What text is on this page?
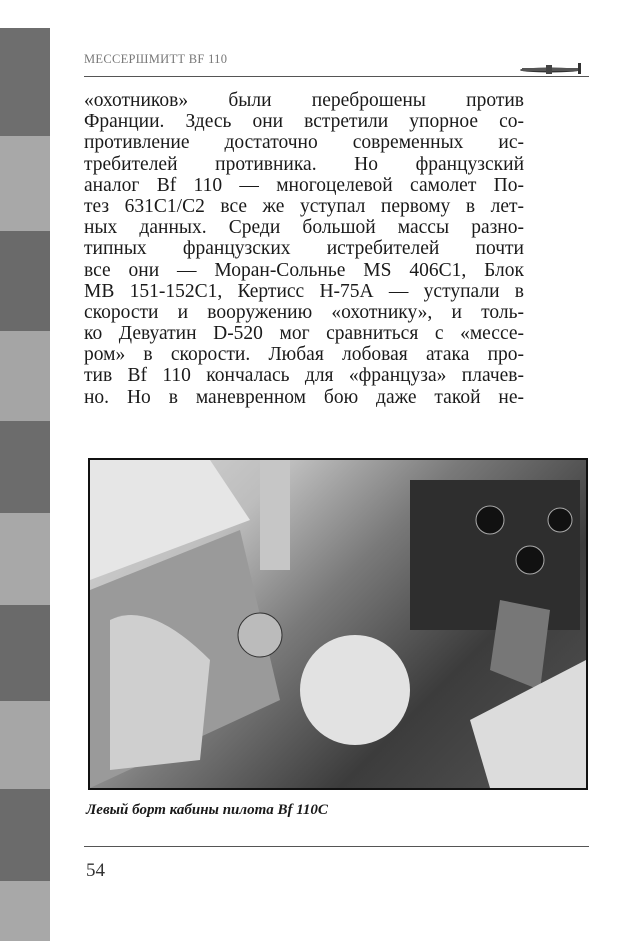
МЕССЕРШМИТТ BF 110
«охотников» были переброшены против
Франции. Здесь они встретили упорное со-
противление достаточно современных ис-
требителей противника. Но французский
аналог Bf 110 — многоцелевой самолет По-
тез 631С1/С2 все же уступал первому в лет-
ных данных. Среди большой массы разно-
типных французских истребителей почти
все они — Моран-Сольнье MS 406C1, Блок
MB 151-152C1, Кертисс Н-75А — уступали в
скорости и вооружению «охотнику», и толь-
ко Девуатин D-520 мог сравниться с «мессе-
ром» в скорости. Любая лобовая атака про-
тив Bf 110 кончалась для «француза» плачев-
но. Но в маневренном бою даже такой не-
Левый борт кабины пилота Bf 110C
54
